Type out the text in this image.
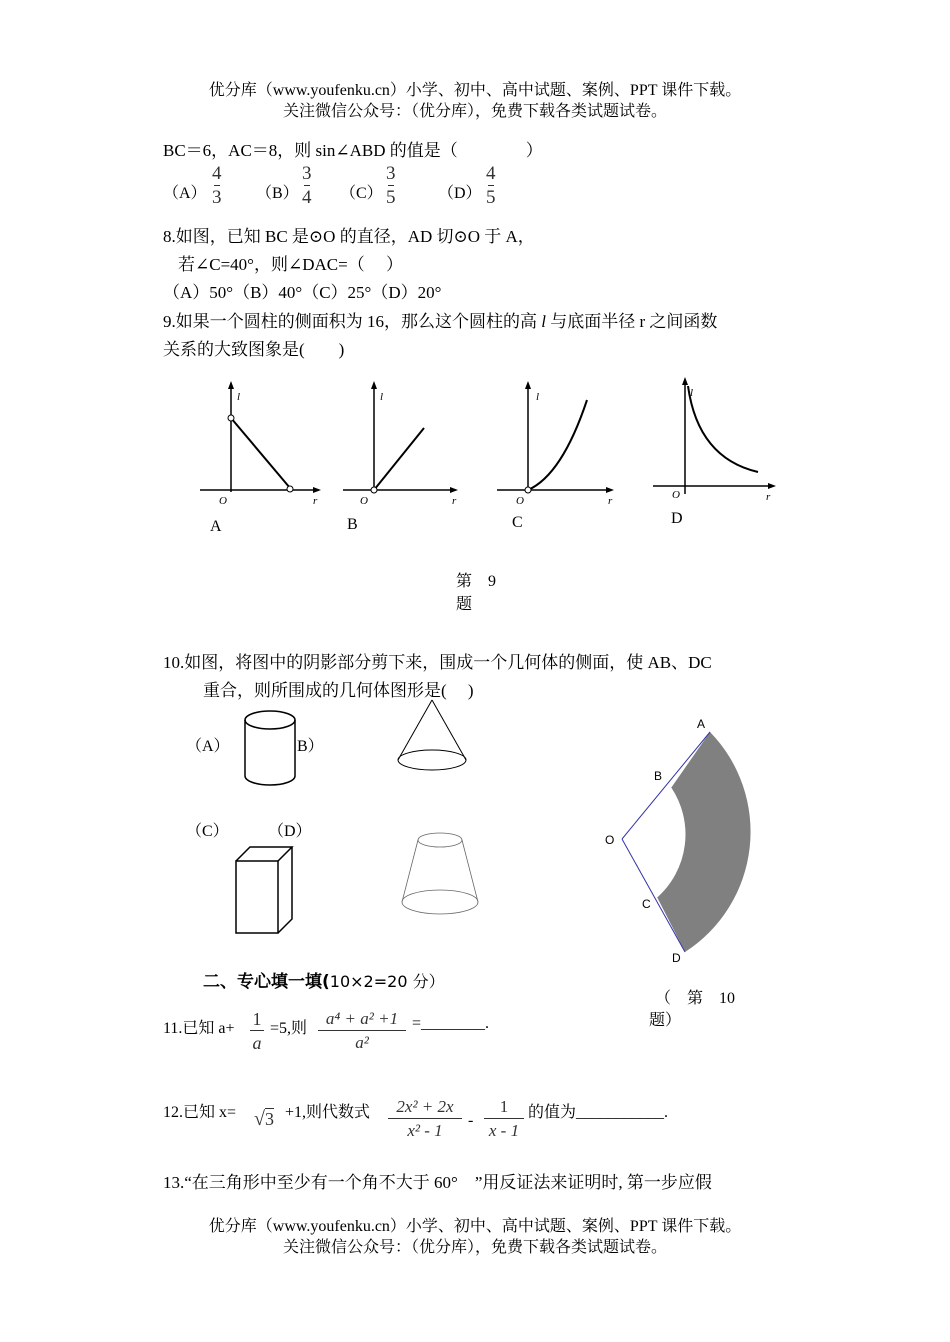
优分库（www.youfenku.cn）小学、初中、高中试题、案例、PPT 课件下载。
关注微信公众号：（优分库），免费下载各类试题试卷。
BC＝6，AC＝8，则 sin∠ABD 的值是（　　　　）
（A）
4
3 （B）
3
4 （C）
3
5	（D）
4
5
8.如图，已知 BC 是⊙O 的直径，AD 切⊙O 于 A，
若∠C=40°，则∠DAC=（　 ）
（A）50°（B）40°（C）25°（D）20°
9.如果一个圆柱的侧面积为 16，那么这个圆柱的高 l 与底面半径 r 之间函数
关系的大致图象是(　　)
l
r
O
A
l
r
O
B
l
r
O
C
l
r
O
D
第　9
题
10.如图，将图中的阴影部分剪下来，围成一个几何体的侧面，使 AB、DC
重合，则所围成的几何体图形是(　 )
（A）	B）
（C） （D）
A
B
O
C
D
（　第　10
题）
二、专心填一填(10×2=20 分）
11.已知 a+ 1
a
=5,则
a⁴ + a² +1
a²
=________.
12.已知 x= √3 +1,则代数式	2x² + 2x
x² - 1
-
1
x - 1
的值为___________.
13.“在三角形中至少有一个角不大于 60°　”用反证法来证明时, 第一步应假
优分库（www.youfenku.cn）小学、初中、高中试题、案例、PPT 课件下载。
关注微信公众号：（优分库），免费下载各类试题试卷。
